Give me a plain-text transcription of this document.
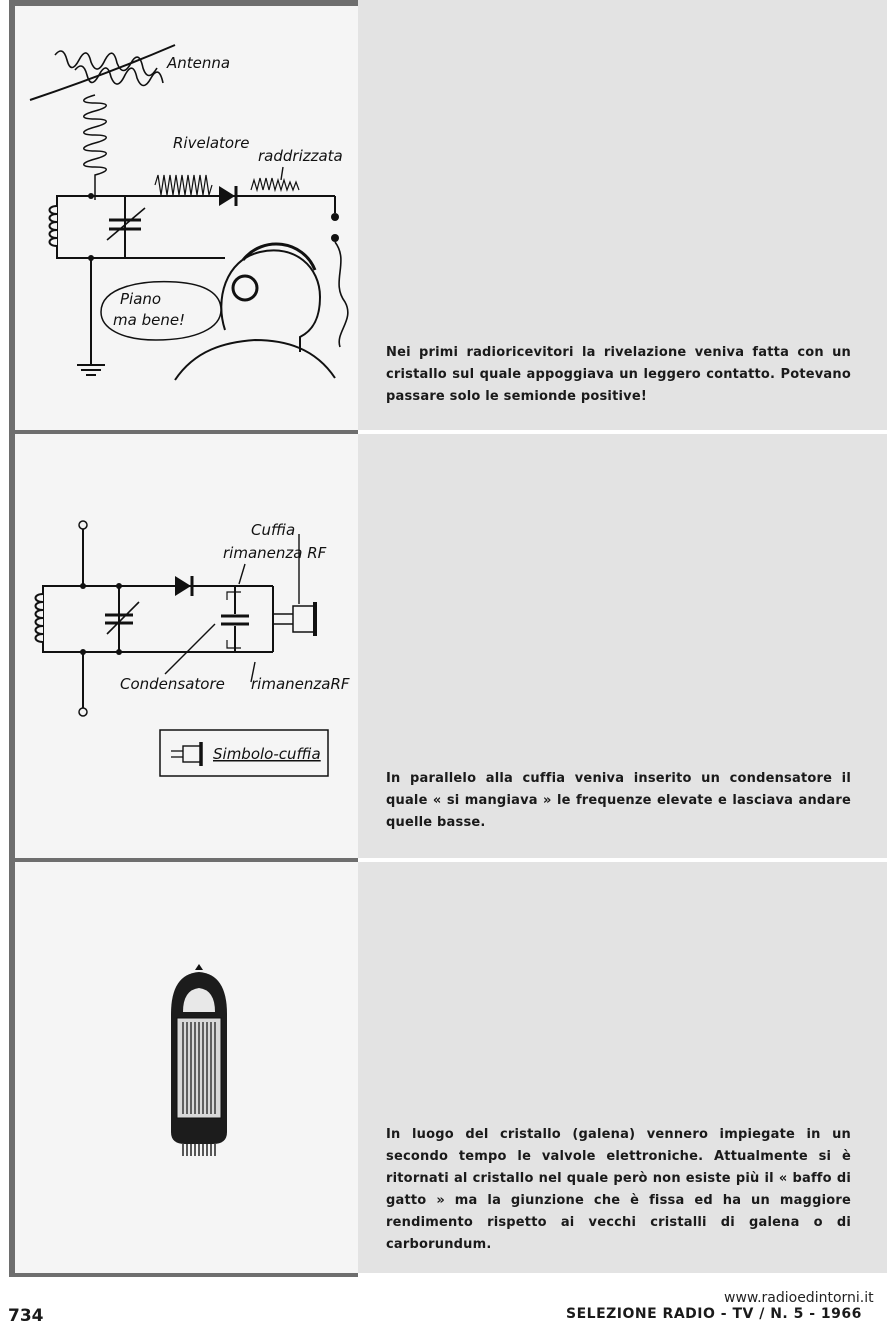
Antenna
Rivelatore
raddrizzata
Piano
ma bene!
Nei primi radioricevitori la rivelazione veniva fatta con un cristallo sul quale appoggiava un leggero contatto. Potevano passare solo le semionde positive!
Cuffia
rimanenza RF
Condensatore rimanenzaRF
Simbolo-cuffia
In parallelo alla cuffia veniva inserito un condensatore il quale « si mangiava » le frequenze elevate e lasciava andare quelle basse.
In luogo del cristallo (galena) vennero impiegate in un secondo tempo le valvole elettroniche. Attualmente si è ritornati al cristallo nel quale però non esiste più il « baffo di gatto » ma la giunzione che è fissa ed ha un maggiore rendimento rispetto ai vecchi cristalli di galena o di carborundum.
www.radioedintorni.it
734	SELEZIONE RADIO - TV / N. 5 - 1966
